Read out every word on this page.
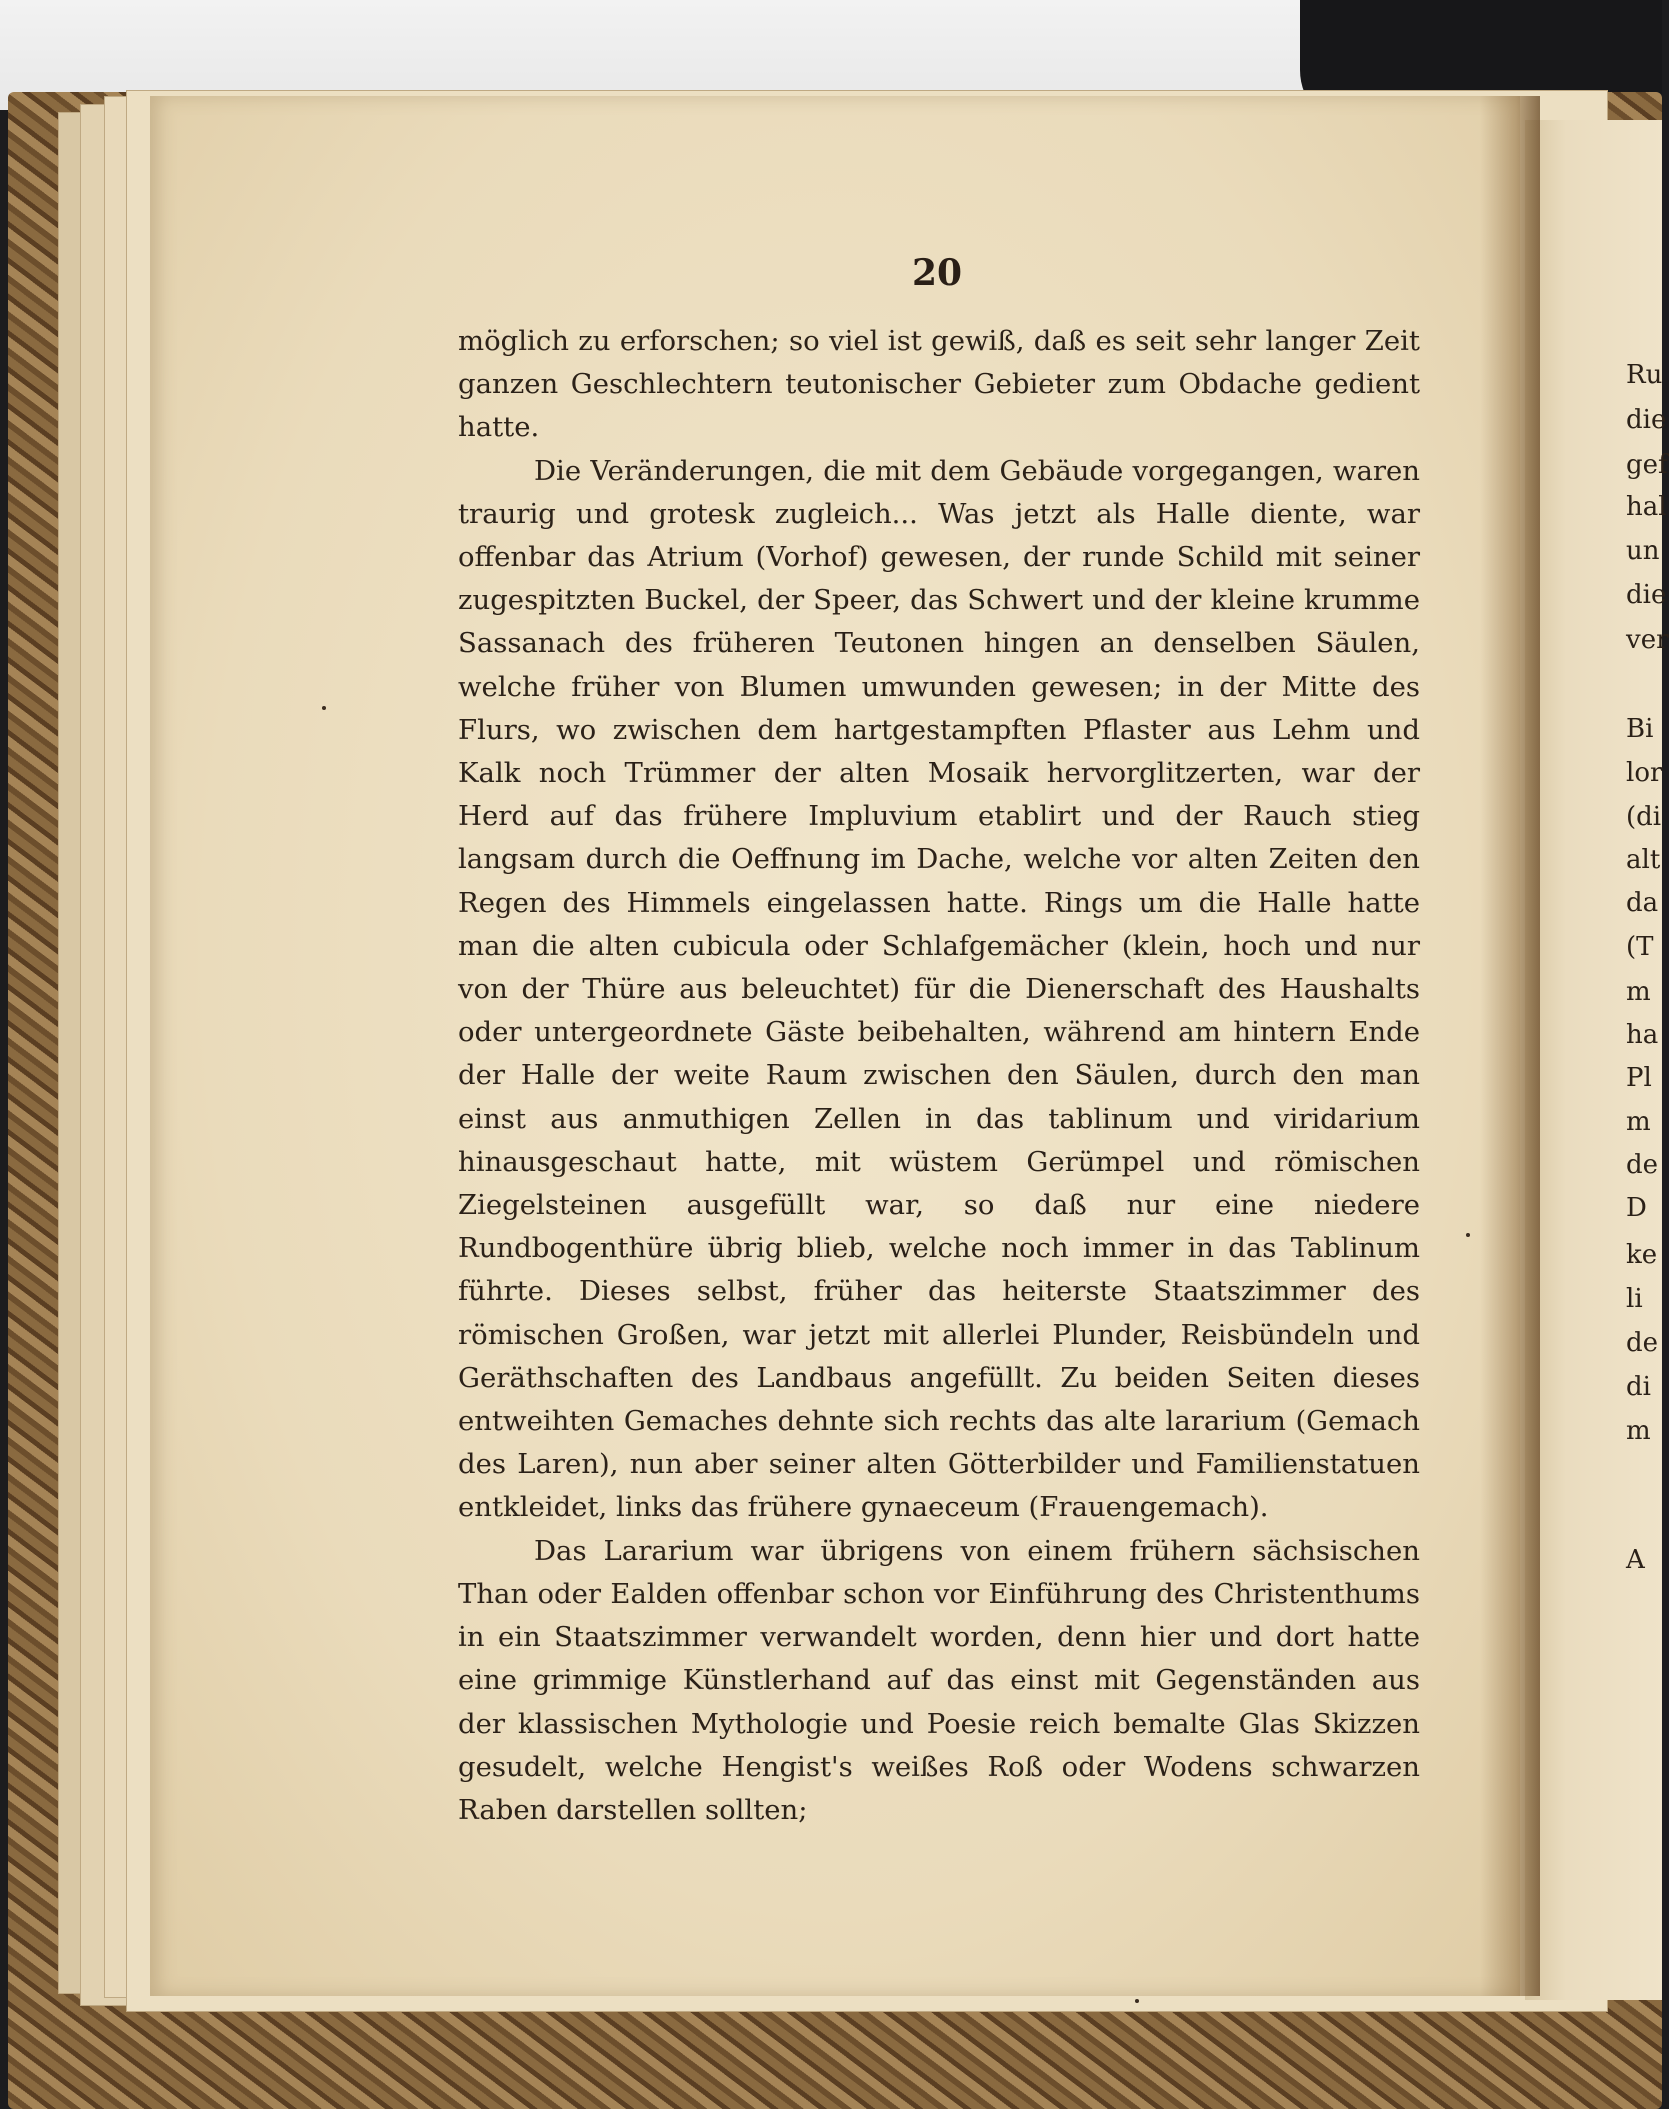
20

möglich zu erforschen; so viel ist gewiß, daß es seit sehr langer Zeit ganzen Geschlechtern teutonischer Gebieter zum Obdache gedient hatte.

Die Veränderungen, die mit dem Gebäude vorgegangen, waren traurig und grotesk zugleich... Was jetzt als Halle diente, war offenbar das Atrium (Vorhof) gewesen, der runde Schild mit seiner zugespitzten Buckel, der Speer, das Schwert und der kleine krumme Sassanach des früheren Teutonen hingen an denselben Säulen, welche früher von Blumen umwunden gewesen; in der Mitte des Flurs, wo zwischen dem hartgestampften Pflaster aus Lehm und Kalk noch Trümmer der alten Mosaik hervorglitzerten, war der Herd auf das frühere Impluvium etablirt und der Rauch stieg langsam durch die Oeffnung im Dache, welche vor alten Zeiten den Regen des Himmels eingelassen hatte. Rings um die Halle hatte man die alten cubicula oder Schlafgemächer (klein, hoch und nur von der Thüre aus beleuchtet) für die Dienerschaft des Haushalts oder untergeordnete Gäste beibehalten, während am hintern Ende der Halle der weite Raum zwischen den Säulen, durch den man einst aus anmuthigen Zellen in das tablinum und viridarium hinausgeschaut hatte, mit wüstem Gerümpel und römischen Ziegelsteinen ausgefüllt war, so daß nur eine niedere Rundbogenthüre übrig blieb, welche noch immer in das Tablinum führte. Dieses selbst, früher das heiterste Staatszimmer des römischen Großen, war jetzt mit allerlei Plunder, Reisbündeln und Geräthschaften des Landbaus angefüllt. Zu beiden Seiten dieses entweihten Gemaches dehnte sich rechts das alte lararium (Gemach des Laren), nun aber seiner alten Götterbilder und Familienstatuen entkleidet, links das frühere gynaeceum (Frauengemach).

Das Lararium war übrigens von einem frühern sächsischen Than oder Ealden offenbar schon vor Einführung des Christenthums in ein Staatszimmer verwandelt worden, denn hier und dort hatte eine grimmige Künstlerhand auf das einst mit Gegenständen aus der klassischen Mythologie und Poesie reich bemalte Glas Skizzen gesudelt, welche Hengist's weißes Roß oder Wodens schwarzen Raben darstellen sollten;

Ru
die
gef
hal
un
die
ver
Bi
lor
(di
alt
da
(T
m
ha
Pl
m
de
D
ke
li
de
di
m
A
